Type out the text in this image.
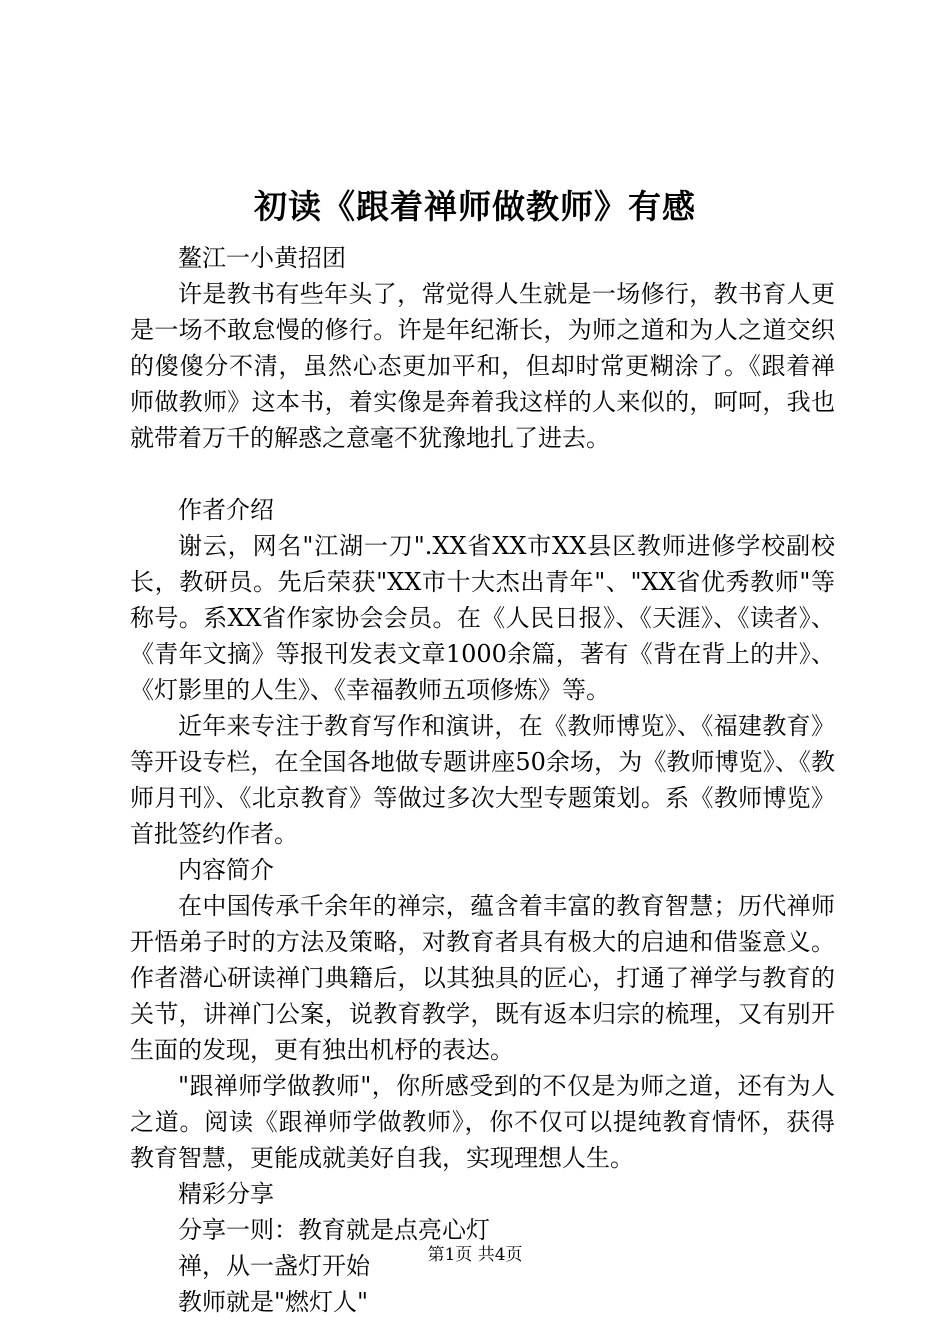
初读《跟着禅师做教师》有感

鳌江一小黄招团

许是教书有些年头了，常觉得人生就是一场修行，教书育人更是一场不敢怠慢的修行。许是年纪渐长，为师之道和为人之道交织的傻傻分不清，虽然心态更加平和，但却时常更糊涂了。《跟着禅师做教师》这本书，着实像是奔着我这样的人来似的，呵呵，我也就带着万千的解惑之意毫不犹豫地扎了进去。

作者介绍

谢云，网名"江湖一刀".XX省XX市XX县区教师进修学校副校长，教研员。先后荣获"XX市十大杰出青年"、"XX省优秀教师"等称号。系XX省作家协会会员。在《人民日报》、《天涯》、《读者》、《青年文摘》等报刊发表文章1000余篇，著有《背在背上的井》、《灯影里的人生》、《幸福教师五项修炼》等。

近年来专注于教育写作和演讲，在《教师博览》、《福建教育》等开设专栏，在全国各地做专题讲座50余场，为《教师博览》、《教师月刊》、《北京教育》等做过多次大型专题策划。系《教师博览》首批签约作者。

内容简介

在中国传承千余年的禅宗，蕴含着丰富的教育智慧；历代禅师开悟弟子时的方法及策略，对教育者具有极大的启迪和借鉴意义。作者潜心研读禅门典籍后，以其独具的匠心，打通了禅学与教育的关节，讲禅门公案，说教育教学，既有返本归宗的梳理，又有别开生面的发现，更有独出机杼的表达。

"跟禅师学做教师"，你所感受到的不仅是为师之道，还有为人之道。阅读《跟禅师学做教师》，你不仅可以提纯教育情怀，获得教育智慧，更能成就美好自我，实现理想人生。

精彩分享

分享一则：教育就是点亮心灯

禅，从一盏灯开始

教师就是"燃灯人"

第1页 共4页
